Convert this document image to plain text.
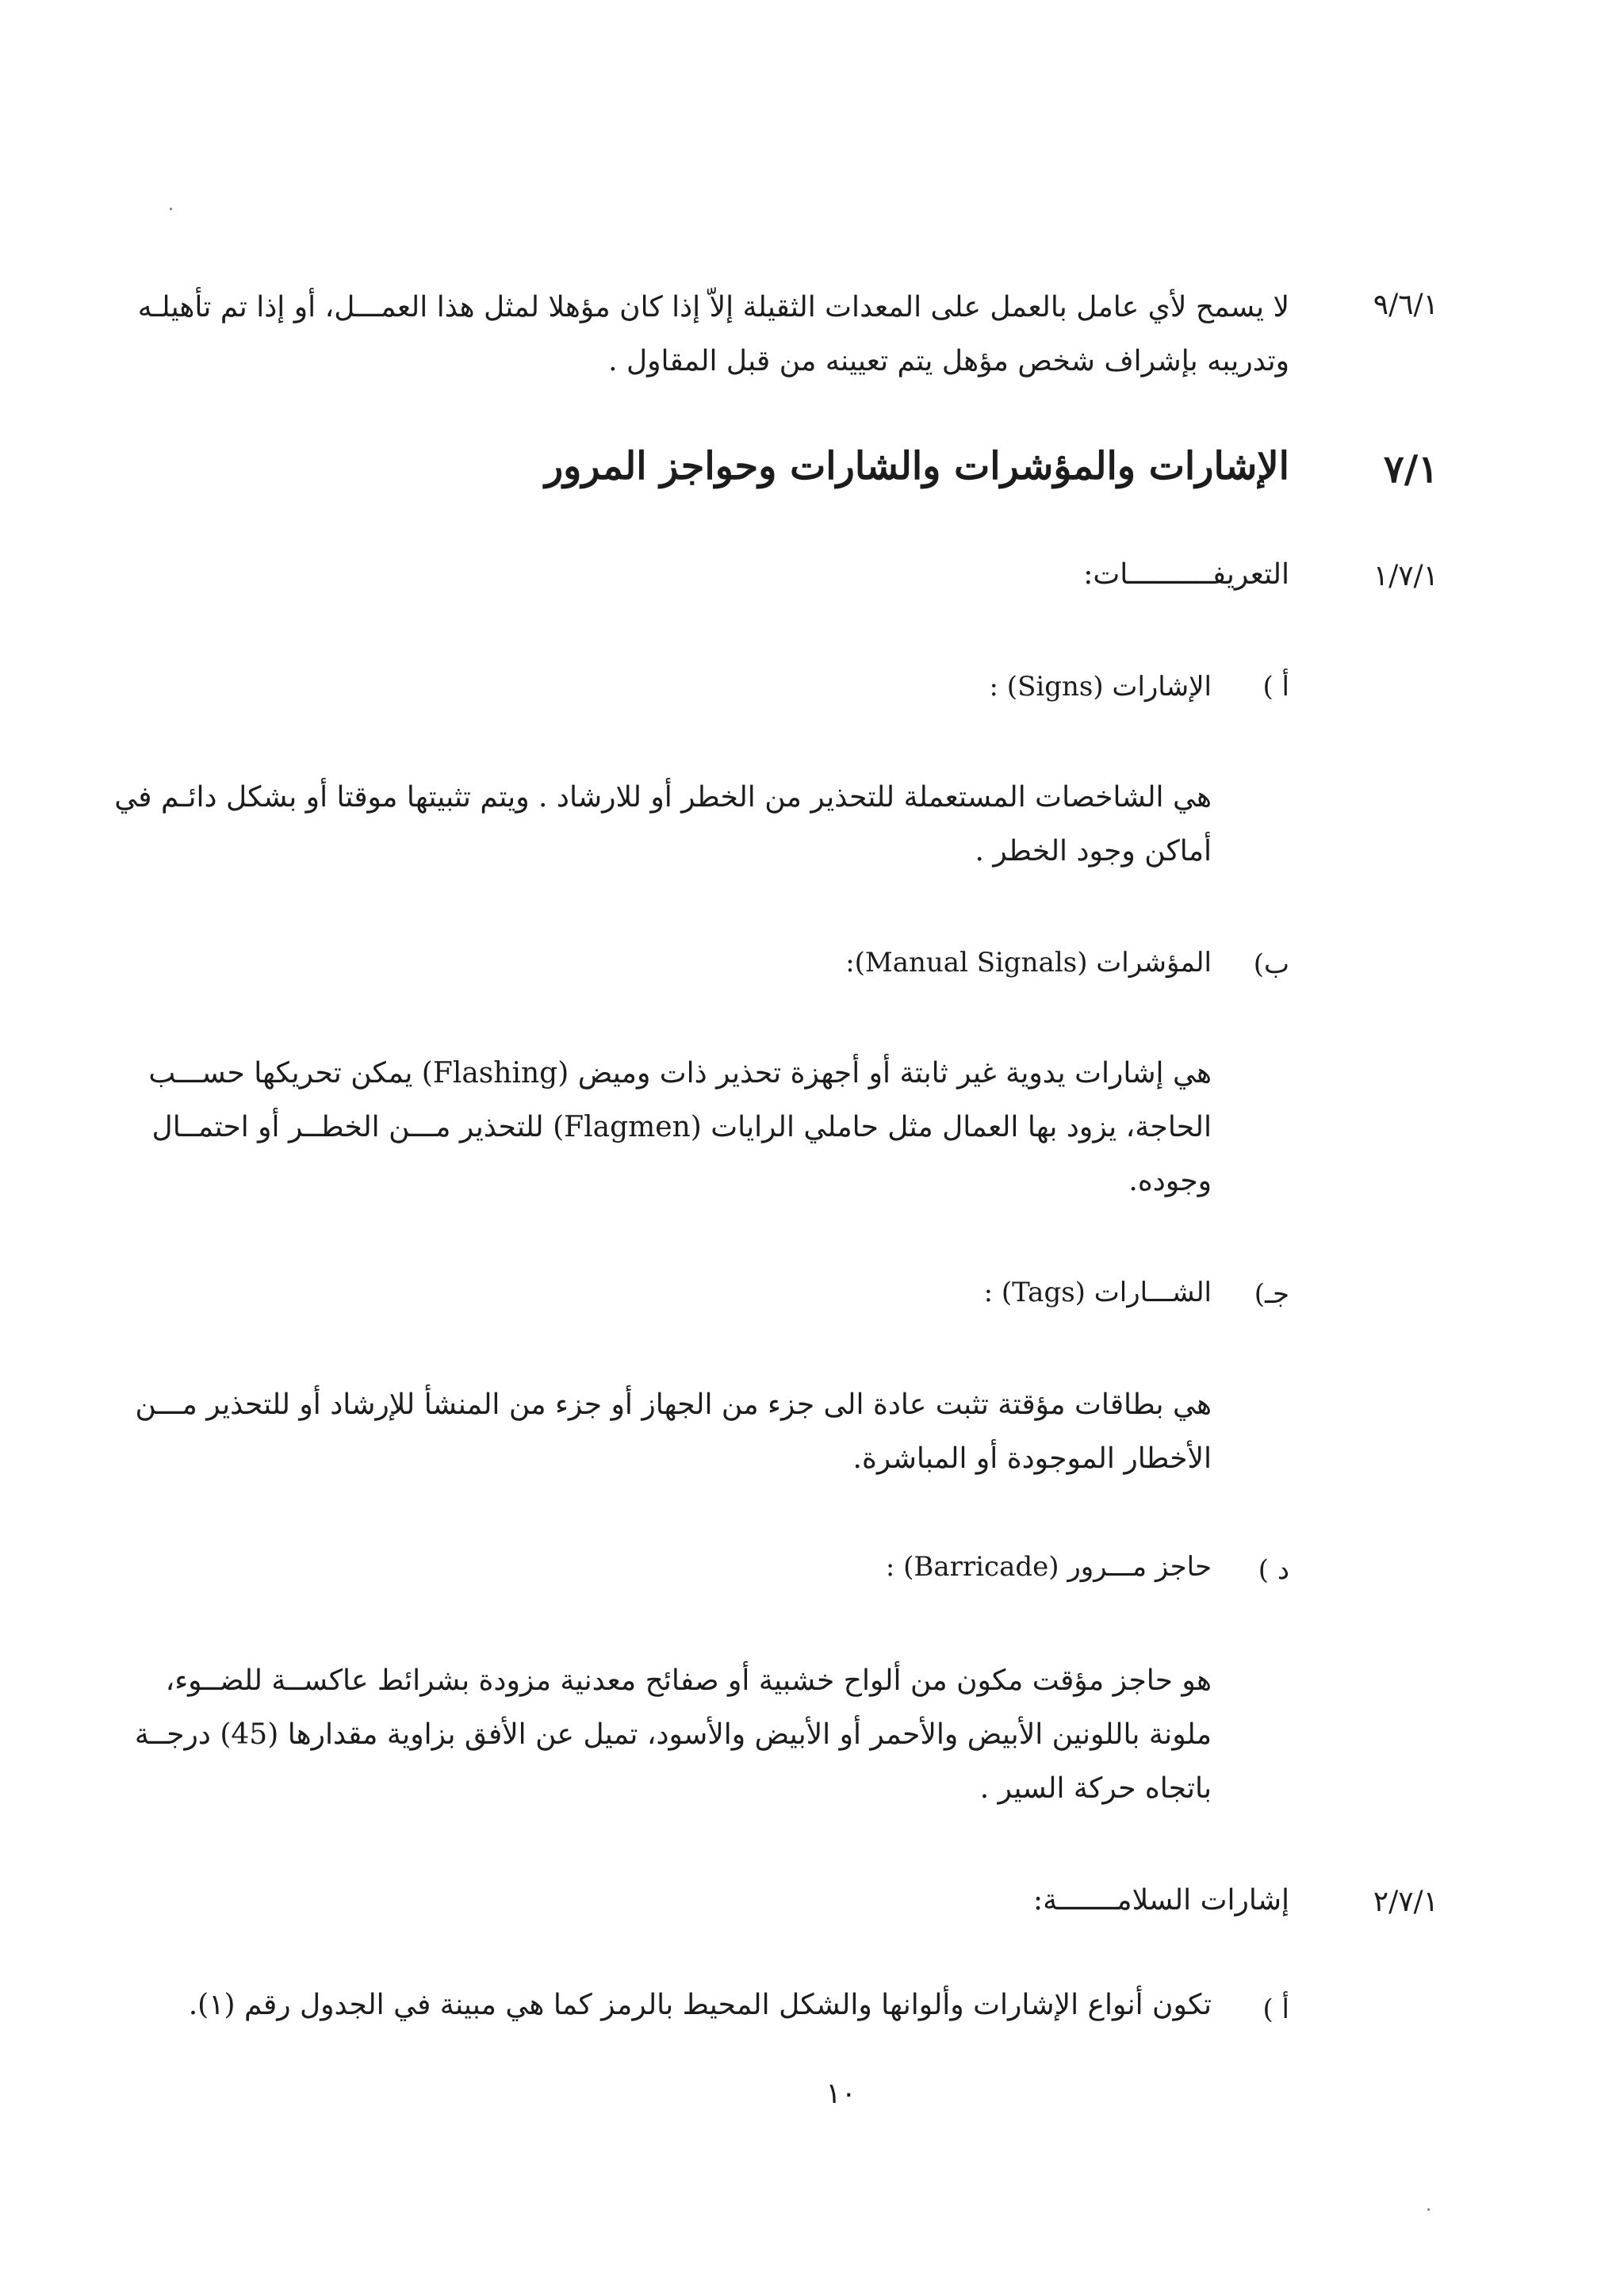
٩/٦/١
لا يسمح لأي عامل بالعمل على المعدات الثقيلة إلاّ إذا كان مؤهلا لمثل هذا العمـــل، أو إذا تم تأهيلـه
وتدريبه بإشراف شخص مؤهل يتم تعيينه من قبل المقاول .
٧/١
الإشارات والمؤشرات والشارات وحواجز المرور
١/٧/١
التعريفــــــــــات:
أ )
الإشارات (Signs) :
هي الشاخصات المستعملة للتحذير من الخطر أو للارشاد . ويتم تثبيتها موقتا أو بشكل دائـم في
أماكن وجود الخطر .
ب)
المؤشرات (Manual Signals):
هي إشارات يدوية غير ثابتة أو أجهزة تحذير ذات وميض (Flashing) يمكن تحريكها حســـب
الحاجة، يزود بها العمال مثل حاملي الرايات (Flagmen) للتحذير مـــن الخطــر أو احتمــال
وجوده.
جـ)
الشـــارات (Tags) :
هي بطاقات مؤقتة تثبت عادة الى جزء من الجهاز أو جزء من المنشأ للإرشاد أو للتحذير مـــن
الأخطار الموجودة أو المباشرة.
د )
حاجز مـــرور (Barricade) :
هو حاجز مؤقت مكون من ألواح خشبية أو صفائح معدنية مزودة بشرائط عاكســة للضــوء،
ملونة باللونين الأبيض والأحمر أو الأبيض والأسود، تميل عن الأفق بزاوية مقدارها (45) درجــة
باتجاه حركة السير .
٢/٧/١
إشارات السلامـــــــة:
أ )
تكون أنواع الإشارات وألوانها والشكل المحيط بالرمز كما هي مبينة في الجدول رقم (١).
١٠
